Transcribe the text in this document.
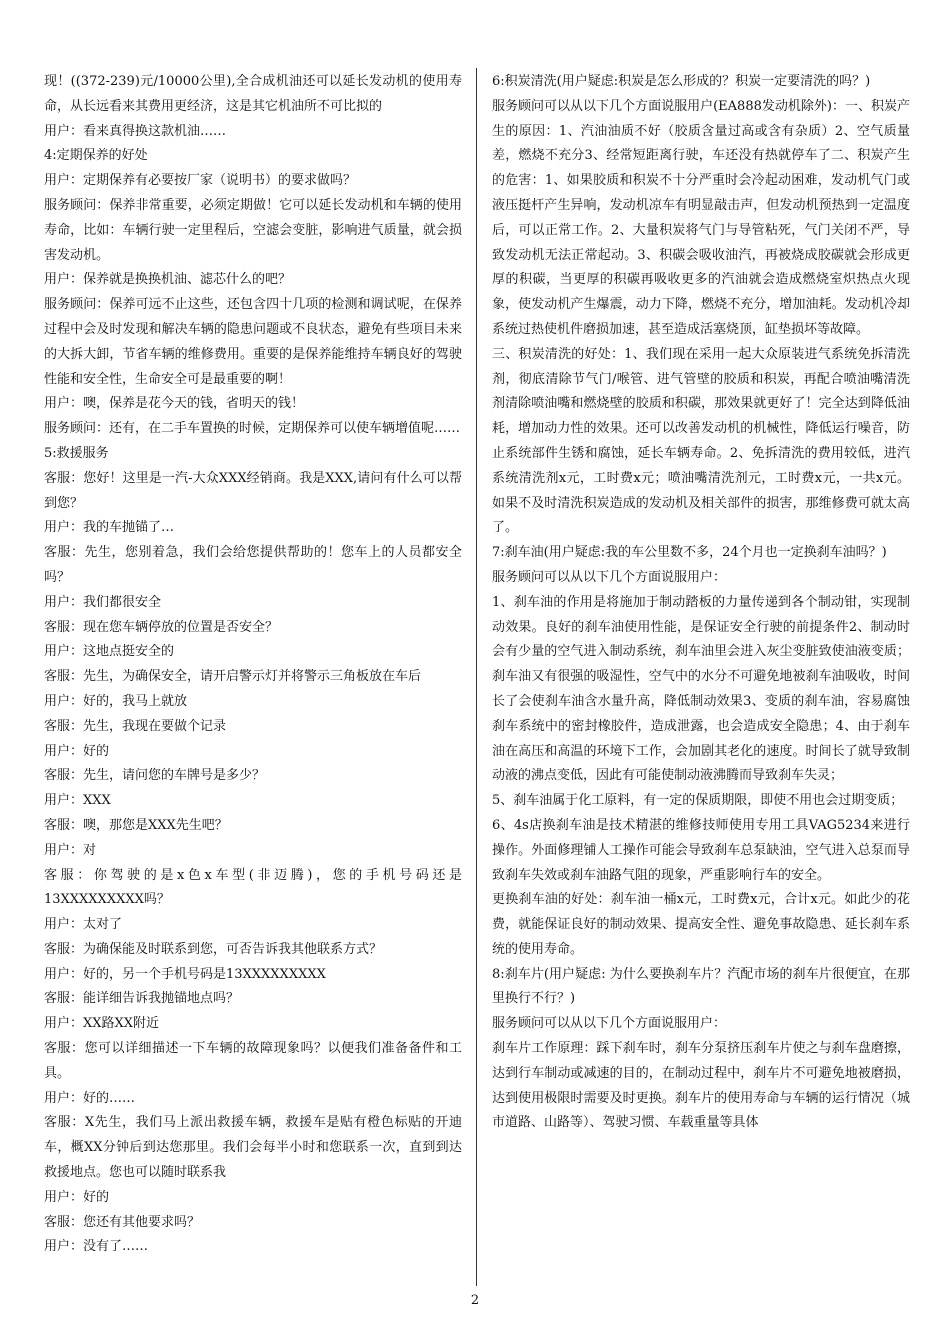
现！((372-239)元/10000公里),全合成机油还可以延长发动机的使用寿命，从长远看来其费用更经济，这是其它机油所不可比拟的

用户：看来真得换这款机油……

4:定期保养的好处

用户：定期保养有必要按厂家（说明书）的要求做吗？

服务顾问：保养非常重要，必须定期做！它可以延长发动机和车辆的使用寿命，比如：车辆行驶一定里程后，空滤会变脏，影响进气质量，就会损害发动机。

用户：保养就是换换机油、滤芯什么的吧？

服务顾问：保养可远不止这些，还包含四十几项的检测和调试呢，在保养过程中会及时发现和解决车辆的隐患问题或不良状态，避免有些项目未来的大拆大卸，节省车辆的维修费用。重要的是保养能维持车辆良好的驾驶性能和安全性，生命安全可是最重要的啊！

用户：噢，保养是花今天的钱，省明天的钱！

服务顾问：还有，在二手车置换的时候，定期保养可以使车辆增值呢……

5:救援服务

客服：您好！这里是一汽-大众XXX经销商。我是XXX,请问有什么可以帮到您？

用户：我的车抛锚了…

客服：先生，您别着急，我们会给您提供帮助的！您车上的人员都安全吗？

用户：我们都很安全

客服：现在您车辆停放的位置是否安全？

用户：这地点挺安全的

客服：先生，为确保安全，请开启警示灯并将警示三角板放在车后

用户：好的，我马上就放

客服：先生，我现在要做个记录

用户：好的

客服：先生，请问您的车牌号是多少？

用户：XXX

客服：噢，那您是XXX先生吧？

用户：对

客服：你驾驶的是x色x车型(非迈腾)，您的手机号码还是13XXXXXXXXX吗？

用户：太对了

客服：为确保能及时联系到您，可否告诉我其他联系方式？

用户：好的，另一个手机号码是13XXXXXXXXX

客服：能详细告诉我抛锚地点吗？

用户：XX路XX附近

客服：您可以详细描述一下车辆的故障现象吗？以便我们准备备件和工具。

用户：好的……

客服：X先生，我们马上派出救援车辆，救援车是贴有橙色标贴的开迪车，概XX分钟后到达您那里。我们会每半小时和您联系一次，直到到达救援地点。您也可以随时联系我

用户：好的

客服：您还有其他要求吗？

用户：没有了……

6:积炭清洗(用户疑虑:积炭是怎么形成的？积炭一定要清洗的吗？)

服务顾问可以从以下几个方面说服用户(EA888发动机除外)：一、积炭产生的原因：1、汽油油质不好（胶质含量过高或含有杂质）2、空气质量差，燃烧不充分3、经常短距离行驶，车还没有热就停车了二、积炭产生的危害：1、如果胶质和积炭不十分严重时会冷起动困难，发动机气门或液压挺杆产生异响，发动机凉车有明显敲击声，但发动机预热到一定温度后，可以正常工作。2、大量积炭将气门与导管粘死，气门关闭不严，导致发动机无法正常起动。3、积碳会吸收油汽，再被烧成胶碳就会形成更厚的积碳，当更厚的积碳再吸收更多的汽油就会造成燃烧室炽热点火现象，使发动机产生爆震，动力下降，燃烧不充分，增加油耗。发动机冷却系统过热使机件磨损加速，甚至造成活塞烧顶，缸垫损坏等故障。

三、积炭清洗的好处：1、我们现在采用一起大众原装进气系统免拆清洗剂，彻底清除节气门/喉管、进气管壁的胶质和积炭，再配合喷油嘴清洗剂清除喷油嘴和燃烧壁的胶质和积碳，那效果就更好了！完全达到降低油耗，增加动力性的效果。还可以改善发动机的机械性，降低运行噪音，防止系统部件生锈和腐蚀，延长车辆寿命。2、免拆清洗的费用较低，进汽系统清洗剂x元，工时费x元；喷油嘴清洗剂元，工时费x元，一共x元。如果不及时清洗积炭造成的发动机及相关部件的损害，那维修费可就太高了。

7:刹车油(用户疑虑:我的车公里数不多，24个月也一定换刹车油吗？)

服务顾问可以从以下几个方面说服用户：

1、刹车油的作用是将施加于制动踏板的力量传递到各个制动钳，实现制动效果。良好的刹车油使用性能，是保证安全行驶的前提条件2、制动时会有少量的空气进入制动系统，刹车油里会进入灰尘变脏致使油液变质；刹车油又有很强的吸湿性，空气中的水分不可避免地被刹车油吸收，时间长了会使刹车油含水量升高，降低制动效果3、变质的刹车油，容易腐蚀刹车系统中的密封橡胶件，造成泄露，也会造成安全隐患；4、由于刹车油在高压和高温的环境下工作，会加剧其老化的速度。时间长了就导致制动液的沸点变低，因此有可能使制动液沸腾而导致刹车失灵；

5、刹车油属于化工原料，有一定的保质期限，即使不用也会过期变质；

6、4s店换刹车油是技术精湛的维修技师使用专用工具VAG5234来进行操作。外面修理铺人工操作可能会导致刹车总泵缺油，空气进入总泵而导致刹车失效或刹车油路气阻的现象，严重影响行车的安全。

更换刹车油的好处：刹车油一桶x元，工时费x元，合计x元。如此少的花费，就能保证良好的制动效果、提高安全性、避免事故隐患、延长刹车系统的使用寿命。

8:刹车片(用户疑虑: 为什么要换刹车片？汽配市场的刹车片很便宜，在那里换行不行？)

服务顾问可以从以下几个方面说服用户：

刹车片工作原理：踩下刹车时，刹车分泵挤压刹车片使之与刹车盘磨擦，达到行车制动或减速的目的，在制动过程中，刹车片不可避免地被磨损，达到使用极限时需要及时更换。刹车片的使用寿命与车辆的运行情况（城市道路、山路等）、驾驶习惯、车载重量等具体

2
